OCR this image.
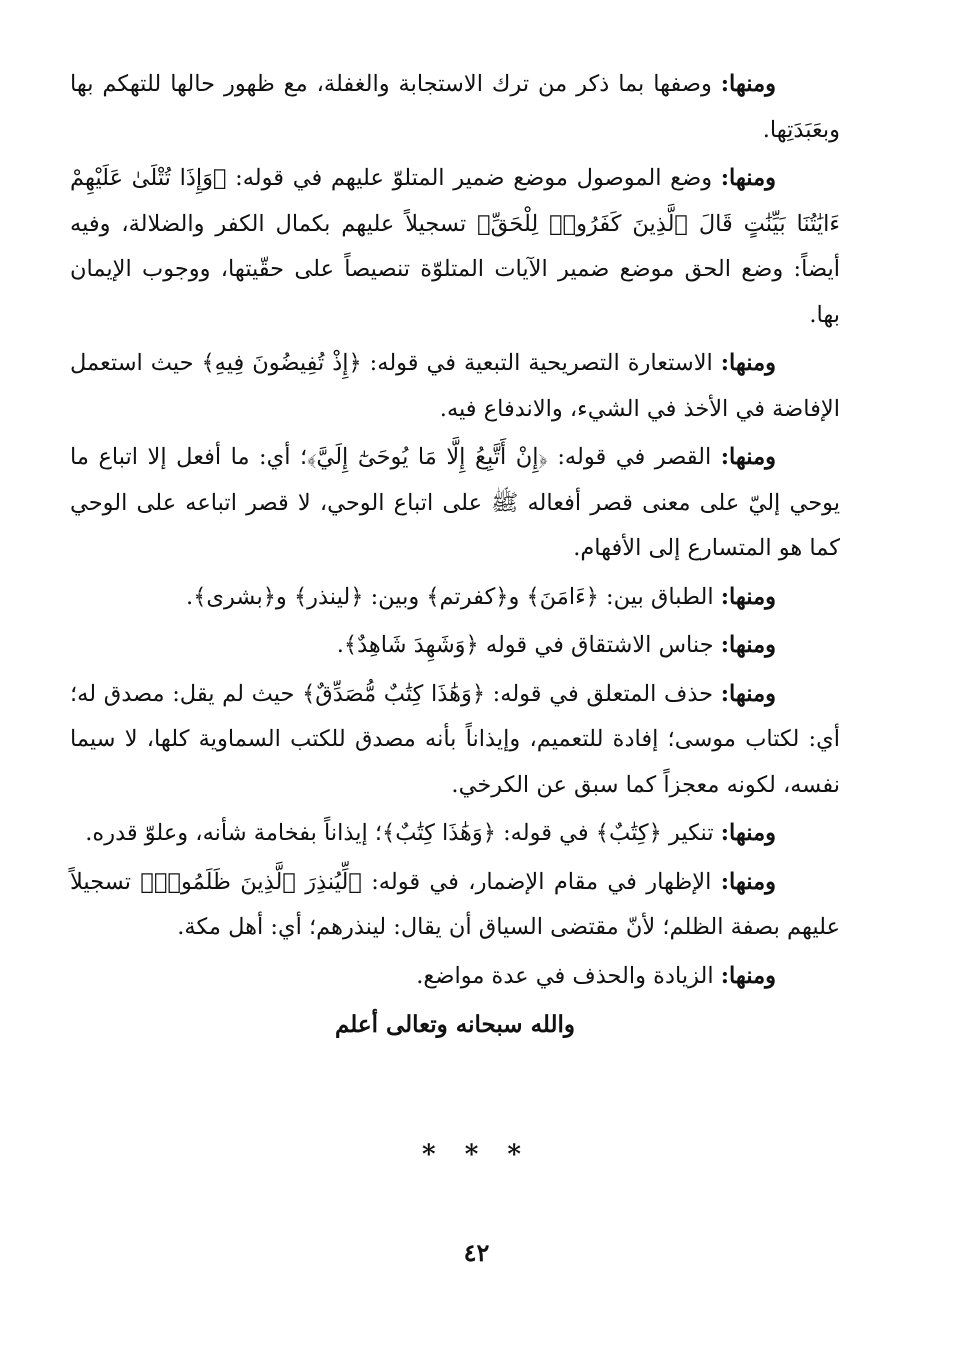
ومنها: وصفها بما ذكر من ترك الاستجابة والغفلة، مع ظهور حالها للتهكم بها وبعَبَدَتِها.

ومنها: وضع الموصول موضع ضمير المتلوّ عليهم في قوله: ﴿وَإِذَا تُتْلَىٰ عَلَيْهِمْ ءَايَٰتُنَا بَيِّنَٰتٍ قَالَ ٱلَّذِينَ كَفَرُوا۟ لِلْحَقِّ﴾ تسجيلاً عليهم بكمال الكفر والضلالة، وفيه أيضاً: وضع الحق موضع ضمير الآيات المتلوّة تنصيصاً على حقّيتها، ووجوب الإيمان بها.

ومنها: الاستعارة التصريحية التبعية في قوله: ﴿إِذْ تُفِيضُونَ فِيهِ﴾ حيث استعمل الإفاضة في الأخذ في الشيء، والاندفاع فيه.

ومنها: القصر في قوله: ﴿إِنْ أَتَّبِعُ إِلَّا مَا يُوحَىٰٓ إِلَيَّ﴾؛ أي: ما أفعل إلا اتباع ما يوحي إليّ على معنى قصر أفعاله ﷺ على اتباع الوحي، لا قصر اتباعه على الوحي كما هو المتسارع إلى الأفهام.

ومنها: الطباق بين: ﴿ءَامَنَ﴾ و﴿كفرتم﴾ وبين: ﴿لينذر﴾ و﴿بشرى﴾.

ومنها: جناس الاشتقاق في قوله ﴿وَشَهِدَ شَاهِدٌ﴾.

ومنها: حذف المتعلق في قوله: ﴿وَهَٰذَا كِتَٰبٌ مُّصَدِّقٌ﴾ حيث لم يقل: مصدق له؛ أي: لكتاب موسى؛ إفادة للتعميم، وإيذاناً بأنه مصدق للكتب السماوية كلها، لا سيما نفسه، لكونه معجزاً كما سبق عن الكرخي.

ومنها: تنكير ﴿كِتَٰبٌ﴾ في قوله: ﴿وَهَٰذَا كِتَٰبٌ﴾؛ إيذاناً بفخامة شأنه، وعلوّ قدره.

ومنها: الإظهار في مقام الإضمار، في قوله: ﴿لِّيُنذِرَ ٱلَّذِينَ ظَلَمُوا۟﴾ تسجيلاً عليهم بصفة الظلم؛ لأنّ مقتضى السياق أن يقال: لينذرهم؛ أي: أهل مكة.

ومنها: الزيادة والحذف في عدة مواضع.

والله سبحانه وتعالى أعلم

* * *
٤٢
